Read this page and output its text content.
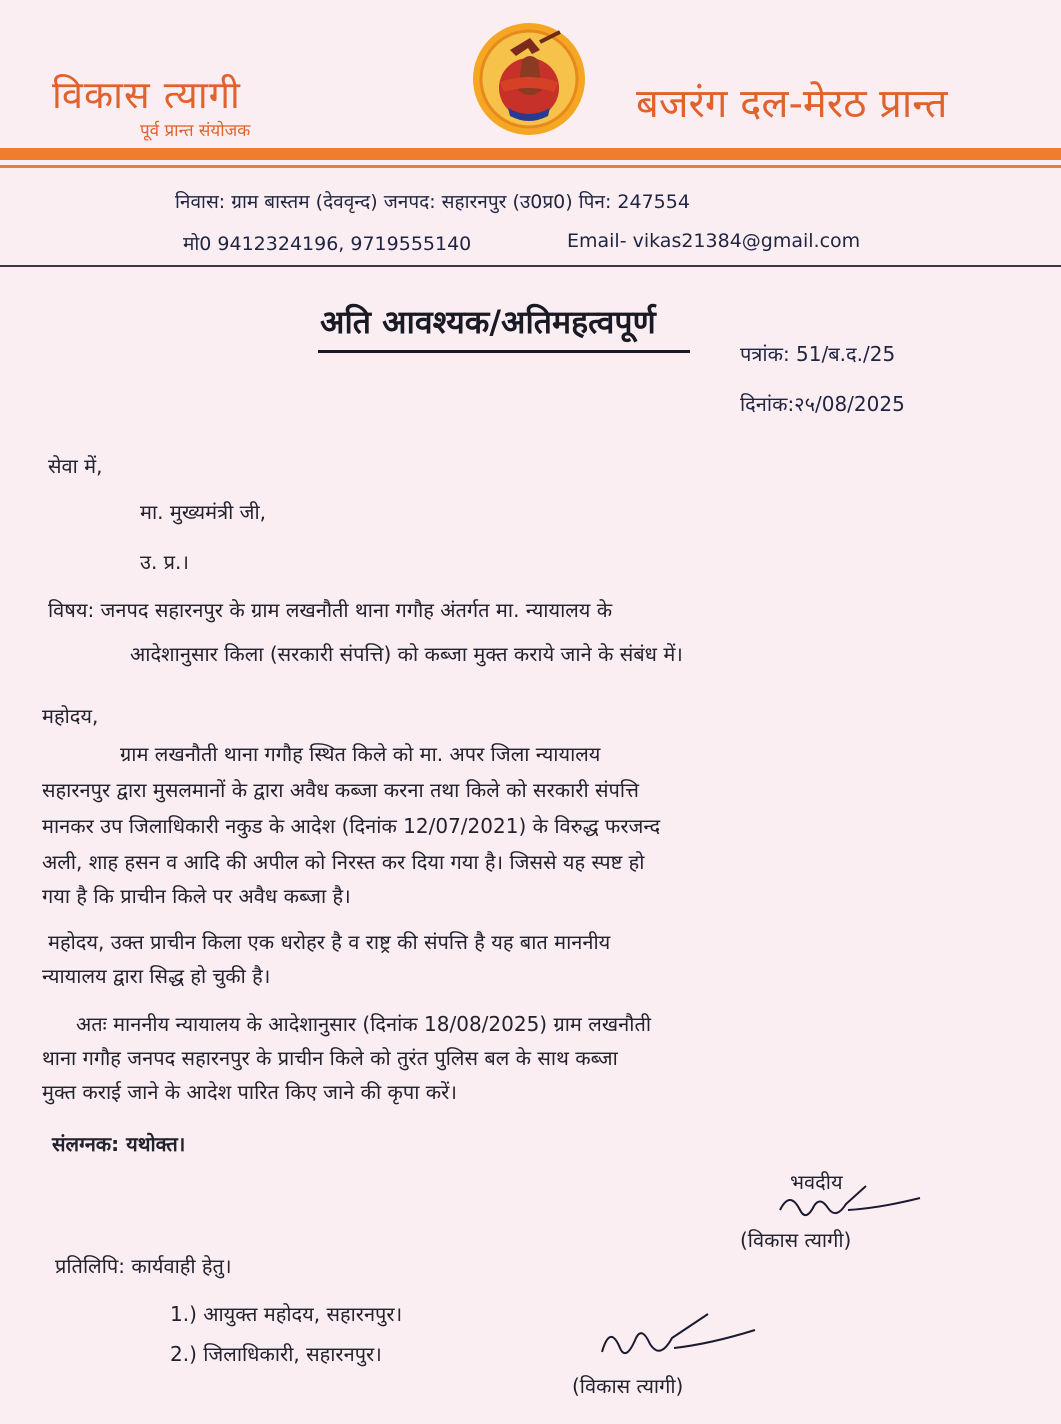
विकास त्यागी
पूर्व प्रान्त संयोजक
बजरंग दल-मेरठ प्रान्त
निवास: ग्राम बास्तम (देववृन्द) जनपद: सहारनपुर (उ0प्र0) पिन: 247554
मो0 9412324196, 9719555140	Email- vikas21384@gmail.com
अति आवश्यक/अतिमहत्वपूर्ण
पत्रांक: 51/ब.द./25
दिनांक:२५/08/2025
सेवा में,
मा. मुख्यमंत्री जी,
उ. प्र.।
विषय: जनपद सहारनपुर के ग्राम लखनौती थाना गगौह अंतर्गत मा. न्यायालय के
आदेशानुसार किला (सरकारी संपत्ति) को कब्जा मुक्त कराये जाने के संबंध में।
महोदय,
ग्राम लखनौती थाना गगौह स्थित किले को मा. अपर जिला न्यायालय
सहारनपुर द्वारा मुसलमानों के द्वारा अवैध कब्जा करना तथा किले को सरकारी संपत्ति
मानकर उप जिलाधिकारी नकुड के आदेश (दिनांक 12/07/2021) के विरुद्ध फरजन्द
अली, शाह हसन व आदि की अपील को निरस्त कर दिया गया है। जिससे यह स्पष्ट हो
गया है कि प्राचीन किले पर अवैध कब्जा है।
महोदय, उक्त प्राचीन किला एक धरोहर है व राष्ट्र की संपत्ति है यह बात माननीय
न्यायालय द्वारा सिद्ध हो चुकी है।
अतः माननीय न्यायालय के आदेशानुसार (दिनांक 18/08/2025) ग्राम लखनौती
थाना गगौह जनपद सहारनपुर के प्राचीन किले को तुरंत पुलिस बल के साथ कब्जा
मुक्त कराई जाने के आदेश पारित किए जाने की कृपा करें।
संलग्नक: यथोक्त।
भवदीय
(विकास त्यागी)
प्रतिलिपि: कार्यवाही हेतु।
1.) आयुक्त महोदय, सहारनपुर।
2.) जिलाधिकारी, सहारनपुर।
(विकास त्यागी)
